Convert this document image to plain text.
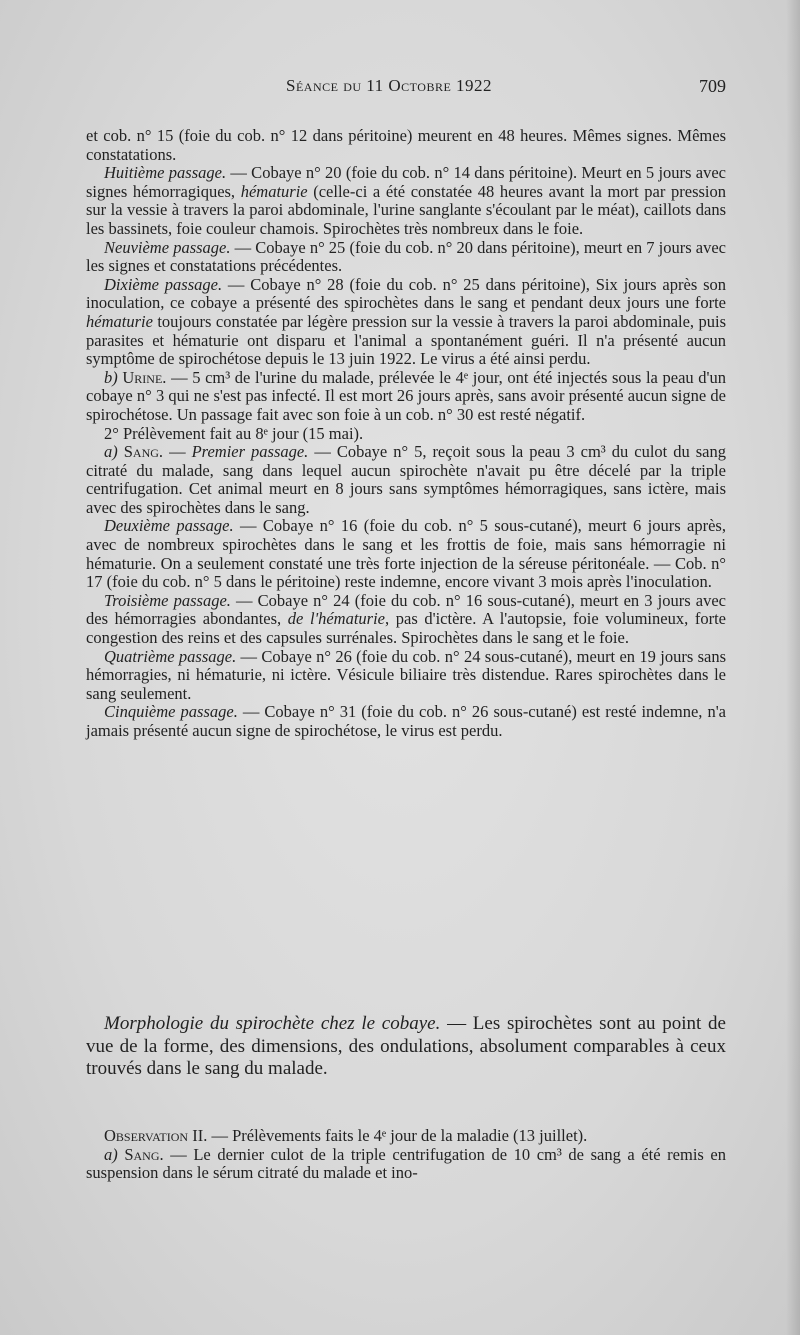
Séance du 11 Octobre 1922	709

et cob. n° 15 (foie du cob. n° 12 dans péritoine) meurent en 48 heures. Mêmes signes. Mêmes constatations.

Huitième passage. — Cobaye n° 20 (foie du cob. n° 14 dans péritoine). Meurt en 5 jours avec signes hémorragiques, hématurie (celle-ci a été constatée 48 heures avant la mort par pression sur la vessie à travers la paroi abdominale, l'urine sanglante s'écoulant par le méat), caillots dans les bassinets, foie couleur chamois. Spirochètes très nombreux dans le foie.

Neuvième passage. — Cobaye n° 25 (foie du cob. n° 20 dans péritoine), meurt en 7 jours avec les signes et constatations précédentes.

Dixième passage. — Cobaye n° 28 (foie du cob. n° 25 dans péritoine), Six jours après son inoculation, ce cobaye a présenté des spirochètes dans le sang et pendant deux jours une forte hématurie toujours constatée par légère pression sur la vessie à travers la paroi abdominale, puis parasites et hématurie ont disparu et l'animal a spontanément guéri. Il n'a présenté aucun symptôme de spirochétose depuis le 13 juin 1922. Le virus a été ainsi perdu.

b) Urine. — 5 cm³ de l'urine du malade, prélevée le 4ᵉ jour, ont été injectés sous la peau d'un cobaye n° 3 qui ne s'est pas infecté. Il est mort 26 jours après, sans avoir présenté aucun signe de spirochétose. Un passage fait avec son foie à un cob. n° 30 est resté négatif.

2° Prélèvement fait au 8ᵉ jour (15 mai).

a) Sang. — Premier passage. — Cobaye n° 5, reçoit sous la peau 3 cm³ du culot du sang citraté du malade, sang dans lequel aucun spirochète n'avait pu être décelé par la triple centrifugation. Cet animal meurt en 8 jours sans symptômes hémorragiques, sans ictère, mais avec des spirochètes dans le sang.

Deuxième passage. — Cobaye n° 16 (foie du cob. n° 5 sous-cutané), meurt 6 jours après, avec de nombreux spirochètes dans le sang et les frottis de foie, mais sans hémorragie ni hématurie. On a seulement constaté une très forte injection de la séreuse péritonéale. — Cob. n° 17 (foie du cob. n° 5 dans le péritoine) reste indemne, encore vivant 3 mois après l'inoculation.

Troisième passage. — Cobaye n° 24 (foie du cob. n° 16 sous-cutané), meurt en 3 jours avec des hémorragies abondantes, de l'hématurie, pas d'ictère. A l'autopsie, foie volumineux, forte congestion des reins et des capsules surrénales. Spirochètes dans le sang et le foie.

Quatrième passage. — Cobaye n° 26 (foie du cob. n° 24 sous-cutané), meurt en 19 jours sans hémorragies, ni hématurie, ni ictère. Vésicule biliaire très distendue. Rares spirochètes dans le sang seulement.

Cinquième passage. — Cobaye n° 31 (foie du cob. n° 26 sous-cutané) est resté indemne, n'a jamais présenté aucun signe de spirochétose, le virus est perdu.

Morphologie du spirochète chez le cobaye. — Les spirochètes sont au point de vue de la forme, des dimensions, des ondulations, absolument comparables à ceux trouvés dans le sang du malade.

Observation II. — Prélèvements faits le 4ᵉ jour de la maladie (13 juillet).

a) Sang. — Le dernier culot de la triple centrifugation de 10 cm³ de sang a été remis en suspension dans le sérum citraté du malade et ino-
